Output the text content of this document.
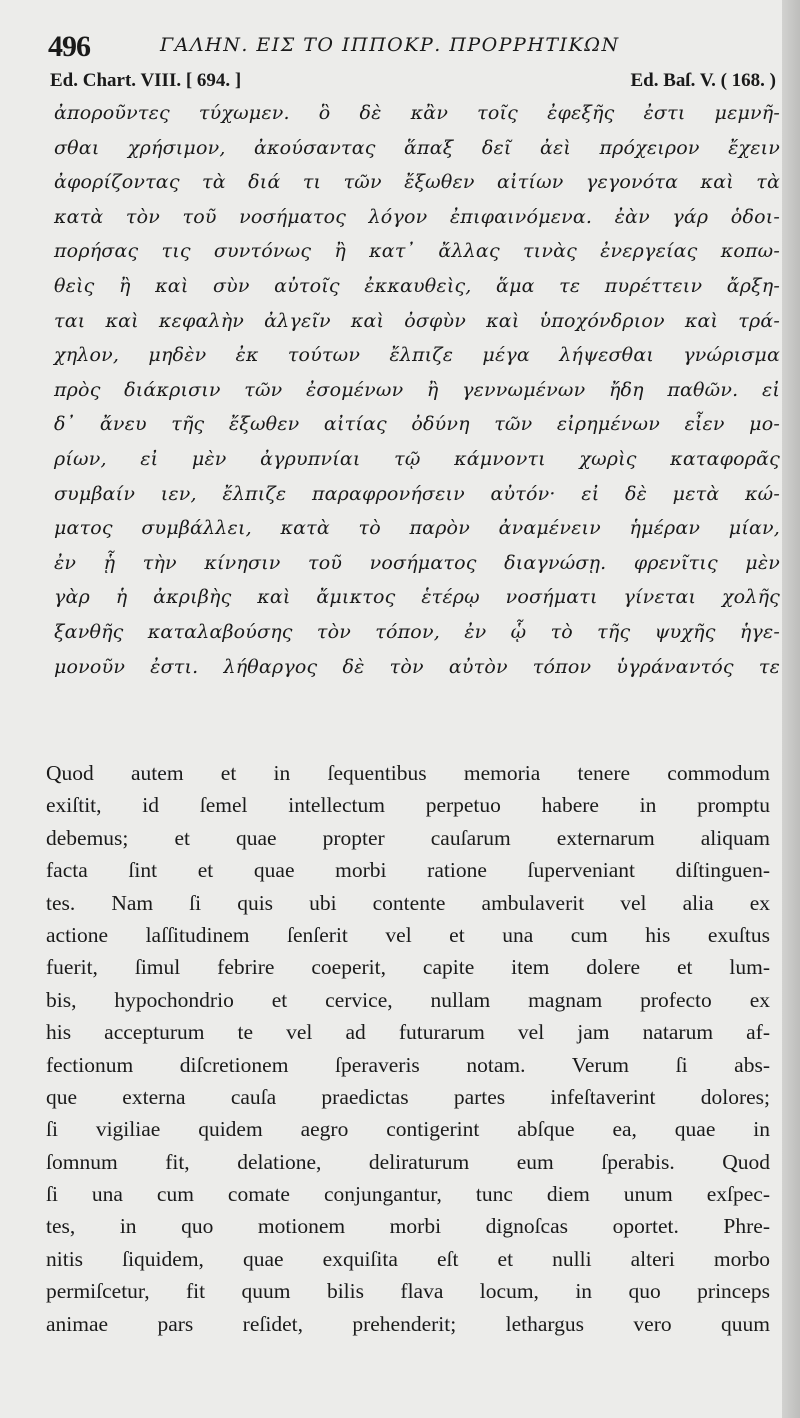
496	ΓΑΛΗΝ. ΕΙΣ ΤΟ ΙΠΠΟΚΡ. ΠΡΟΡΡΗΤΙΚΩΝ
Ed. Chart. VIII. [ 694. ]	Ed. Baſ. V. ( 168. )
ἀποροῦντες τύχωμεν. ὃ δὲ κἂν τοῖς ἐφεξῆς ἐστι μεμνῆ-
σθαι χρήσιμον, ἀκούσαντας ἅπαξ δεῖ ἀεὶ πρόχειρον ἔχειν
ἀφορίζοντας τὰ διά τι τῶν ἔξωθεν αἰτίων γεγονότα καὶ τὰ
κατὰ τὸν τοῦ νοσήματος λόγον ἐπιφαινόμενα. ἐὰν γάρ ὁδοι-
πορήσας τις συντόνως ἢ κατ᾽ ἄλλας τινὰς ἐνεργείας κοπω-
θεὶς ἢ καὶ σὺν αὐτοῖς ἐκκαυθεὶς, ἅμα τε πυρέττειν ἄρξη-
ται καὶ κεφαλὴν ἀλγεῖν καὶ ὀσφὺν καὶ ὑποχόνδριον καὶ τρά-
χηλον, μηδὲν ἐκ τούτων ἔλπιζε μέγα λήψεσθαι γνώρισμα
πρὸς διάκρισιν τῶν ἐσομένων ἢ γεννωμένων ἤδη παθῶν. εἰ
δ᾽ ἄνευ τῆς ἔξωθεν αἰτίας ὀδύνη τῶν εἰρημένων εἶεν μο-
ρίων, εἰ μὲν ἀγρυπνίαι τῷ κάμνοντι χωρὶς καταφορᾶς
συμβαίν ιεν, ἔλπιζε παραφρονήσειν αὐτόν· εἰ δὲ μετὰ κώ-
ματος συμβάλλει, κατὰ τὸ παρὸν ἀναμένειν ἡμέραν μίαν,
ἐν ᾗ τὴν κίνησιν τοῦ νοσήματος διαγνώσῃ. φρενῖτις μὲν
γὰρ ἡ ἀκριβὴς καὶ ἄμικτος ἑτέρῳ νοσήματι γίνεται χολῆς
ξανθῆς καταλαβούσης τὸν τόπον, ἐν ᾧ τὸ τῆς ψυχῆς ἡγε-
μονοῦν ἐστι. λήθαργος δὲ τὸν αὐτὸν τόπον ὑγράναντός τε
Quod autem et in ſequentibus memoria tenere commodum
exiſtit, id ſemel intellectum perpetuo habere in promptu
debemus; et quae propter cauſarum externarum aliquam
facta ſint et quae morbi ratione ſuperveniant diſtinguen-
tes. Nam ſi quis ubi contente ambulaverit vel alia ex
actione laſſitudinem ſenſerit vel et una cum his exuſtus
fuerit, ſimul febrire coeperit, capite item dolere et lum-
bis, hypochondrio et cervice, nullam magnam profecto ex
his accepturum te vel ad futurarum vel jam natarum af-
fectionum diſcretionem ſperaveris notam. Verum ſi abs-
que externa cauſa praedictas partes infeſtaverint dolores;
ſi vigiliae quidem aegro contigerint abſque ea, quae in
ſomnum fit, delatione, deliraturum eum ſperabis. Quod
ſi una cum comate conjungantur, tunc diem unum exſpec-
tes, in quo motionem morbi dignoſcas oportet. Phre-
nitis ſiquidem, quae exquiſita eſt et nulli alteri morbo
permiſcetur, fit quum bilis flava locum, in quo princeps
animae pars reſidet, prehenderit; lethargus vero quum
